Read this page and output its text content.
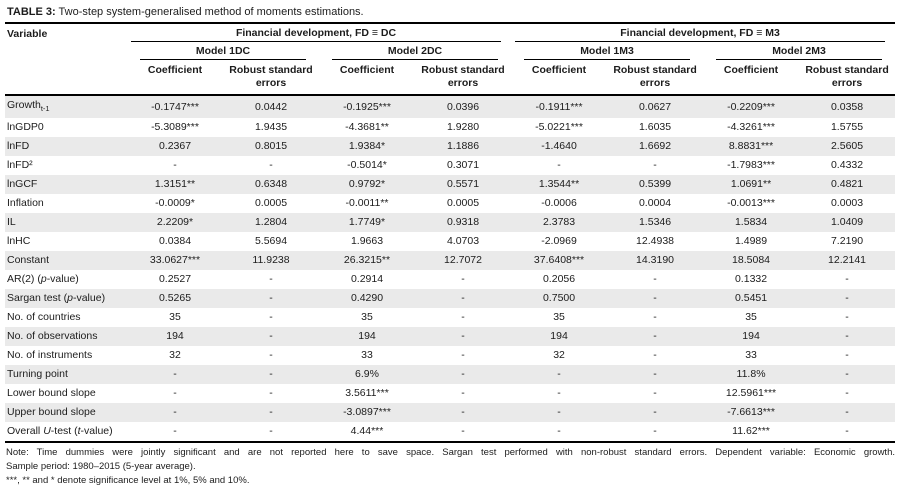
TABLE 3: Two-step system-generalised method of moments estimations.
Variable	Financial development, FD ≡ DC				Financial development, FD ≡ M3			

	Model 1DC		Model 2DC		Model 1M3		Model 2M3	

	Coefficient	Robust standard errors	Coefficient	Robust standard errors	Coefficient	Robust standard errors	Coefficient	Robust standard errors
Growth$_{t-1}$	-0.1747***	0.0442	-0.1925***	0.0396	-0.1911***	0.0627	-0.2209***	0.0358
lnGDP0	-5.3089***	1.9435	-4.3681**	1.9280	-5.0221***	1.6035	-4.3261***	1.5755
lnFD	0.2367	0.8015	1.9384*	1.1886	-1.4640	1.6692	8.8831***	2.5605
lnFD²	-	-	-0.5014*	0.3071	-	-	-1.7983***	0.4332
lnGCF	1.3151**	0.6348	0.9792*	0.5571	1.3544**	0.5399	1.0691**	0.4821
Inflation	-0.0009*	0.0005	-0.0011**	0.0005	-0.0006	0.0004	-0.0013***	0.0003
IL	2.2209*	1.2804	1.7749*	0.9318	2.3783	1.5346	1.5834	1.0409
lnHC	0.0384	5.5694	1.9663	4.0703	-2.0969	12.4938	1.4989	7.2190
Constant	33.0627***	11.9238	26.3215**	12.7072	37.6408***	14.3190	18.5084	12.2141
AR(2) (p-value)	0.2527	-	0.2914	-	0.2056	-	0.1332	-
Sargan test (p-value)	0.5265	-	0.4290	-	0.7500	-	0.5451	-
No. of countries	35	-	35	-	35	-	35	-
No. of observations	194	-	194	-	194	-	194	-
No. of instruments	32	-	33	-	32	-	33	-
Turning point	-	-	6.9%	-	-	-	11.8%	-
Lower bound slope	-	-	3.5611***	-	-	-	12.5961***	-
Upper bound slope	-	-	-3.0897***	-	-	-	-7.6613***	-
Overall U-test (t-value)	-	-	4.44***	-	-	-	11.62***	-
Note: Time dummies were jointly significant and are not reported here to save space. Sargan test performed with non-robust standard errors. Dependent variable: Economic growth.
Sample period: 1980–2015 (5-year average).
***, ** and * denote significance level at 1%, 5% and 10%.
